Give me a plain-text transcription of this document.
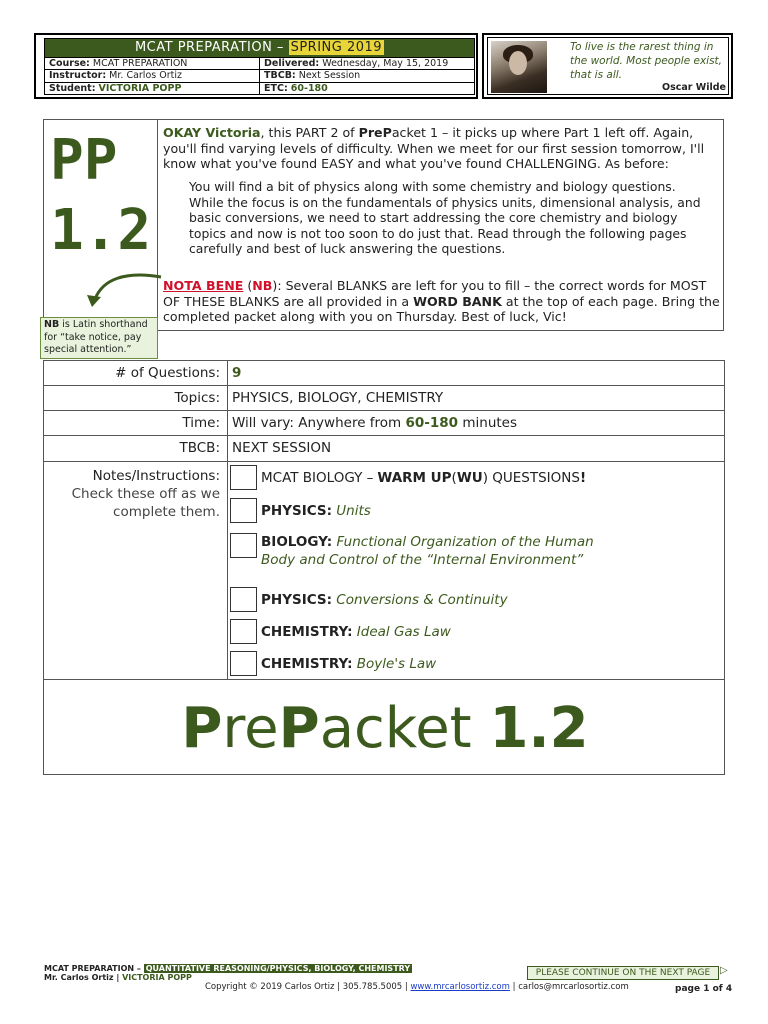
MCAT PREPARATION – SPRING 2019
Course: MCAT PREPARATION	Delivered: Wednesday, May 15, 2019
Instructor: Mr. Carlos Ortiz	TBCB: Next Session
Student: VICTORIA POPP	ETC: 60-180
To live is the rarest thing in the world. Most people exist, that is all.
Oscar Wilde
PP
1.2
OKAY Victoria, this PART 2 of PrePacket 1 – it picks up where Part 1 left off. Again, you'll find varying levels of difficulty. When we meet for our first session tomorrow, I'll know what you've found EASY and what you've found CHALLENGING. As before:
You will find a bit of physics along with some chemistry and biology questions. While the focus is on the fundamentals of physics units, dimensional analysis, and basic conversions, we need to start addressing the core chemistry and biology topics and now is not too soon to do just that. Read through the following pages carefully and best of luck answering the questions.
NOTA BENE (NB): Several BLANKS are left for you to fill – the correct words for MOST OF THESE BLANKS are all provided in a WORD BANK at the top of each page. Bring the completed packet along with you on Thursday. Best of luck, Vic!
NB is Latin shorthand for “take notice, pay special attention.”
# of Questions: 9
Topics: PHYSICS, BIOLOGY, CHEMISTRY
Time: Will vary: Anywhere from 60-180 minutes
TBCB: NEXT SESSION
Notes/Instructions:
Check these off as we complete them.
MCAT BIOLOGY – WARM UP ( WU ) QUESTSIONS !
PHYSICS:
Units
BIOLOGY: Functional Organization of the Human
Body and Control of the “Internal Environment”
PHYSICS:
Conversions & Continuity
CHEMISTRY:
Ideal Gas Law
CHEMISTRY:
Boyle's Law
PrePacket 1.2
MCAT PREPARATION – QUANTITATIVE REASONING/PHYSICS, BIOLOGY, CHEMISTRY
Mr. Carlos Ortiz | VICTORIA POPP
Copyright © 2019 Carlos Ortiz | 305.785.5005 | www.mrcarlosortiz.com | carlos@mrcarlosortiz.com
PLEASE CONTINUE ON THE NEXT PAGE ▷
page 1 of 4
